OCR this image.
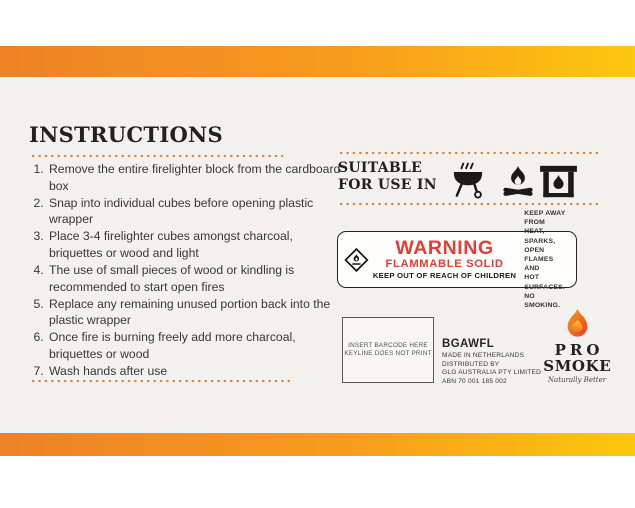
INSTRUCTIONS
1. Remove the entire firelighter block from the cardboard box
2. Snap into individual cubes before opening plastic wrapper
3. Place 3-4 firelighter cubes amongst charcoal, briquettes or wood and light
4. The use of small pieces of wood or kindling is recommended to start open fires
5. Replace any remaining unused portion back into the plastic wrapper
6. Once fire is burning freely add more charcoal, briquettes or wood
7. Wash hands after use
SUITABLE
FOR USE IN
WARNING
FLAMMABLE SOLID
KEEP OUT OF REACH OF CHILDREN
KEEP AWAY FROM
HEAT, SPARKS,
OPEN FLAMES AND
HOT SURFACES.
NO SMOKING.
INSERT BARCODE HERE
KEYLINE DOES NOT PRINT
BGAWFL
MADE IN NETHERLANDS
DISTRIBUTED BY
GLG AUSTRALIA PTY LIMITED
ABN 70 001 185 002
PRO
SMOKE
Naturally Better
